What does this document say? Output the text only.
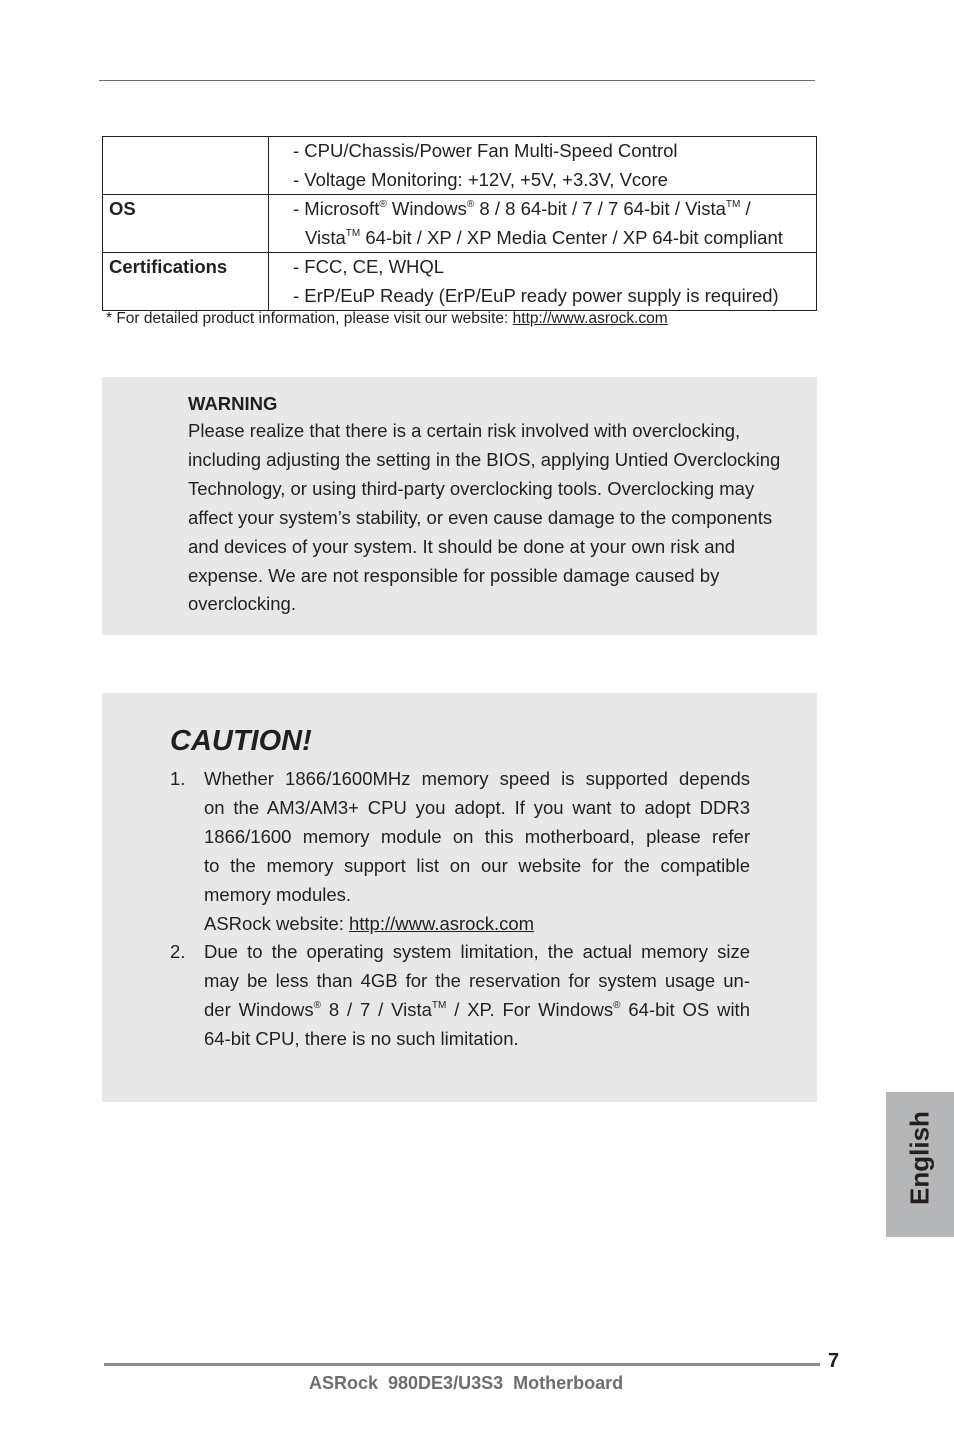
	- CPU/Chassis/Power Fan Multi-Speed Control
- Voltage Monitoring: +12V, +5V, +3.3V, Vcore

OS	- Microsoft® Windows® 8 / 8 64-bit / 7 / 7 64-bit / Vista™ /
Vista™ 64-bit / XP / XP Media Center / XP 64-bit compliant

Certifications	- FCC, CE, WHQL
- ErP/EuP Ready (ErP/EuP ready power supply is required)
* For detailed product information, please visit our website: http://www.asrock.com
WARNING

Please realize that there is a certain risk involved with overclocking,
including adjusting the setting in the BIOS, applying Untied Overclocking
Technology, or using third-party overclocking tools. Overclocking may
affect your system’s stability, or even cause damage to the components
and devices of your system. It should be done at your own risk and
expense. We are not responsible for possible damage caused by
overclocking.

CAUTION!
1. Whether 1866/1600MHz memory speed is supported depends
on the AM3/AM3+ CPU you adopt. If you want to adopt DDR3
1866/1600 memory module on this motherboard, please refer
to the memory support list on our website for the compatible
memory modules.
ASRock website: http://www.asrock.com
2. Due to the operating system limitation, the actual memory size
may be less than 4GB for the reservation for system usage un-
der Windows® 8 / 7 / Vista™ / XP. For Windows® 64-bit OS with
64-bit CPU, there is no such limitation.
English
7
ASRock  980DE3/U3S3  Motherboard
